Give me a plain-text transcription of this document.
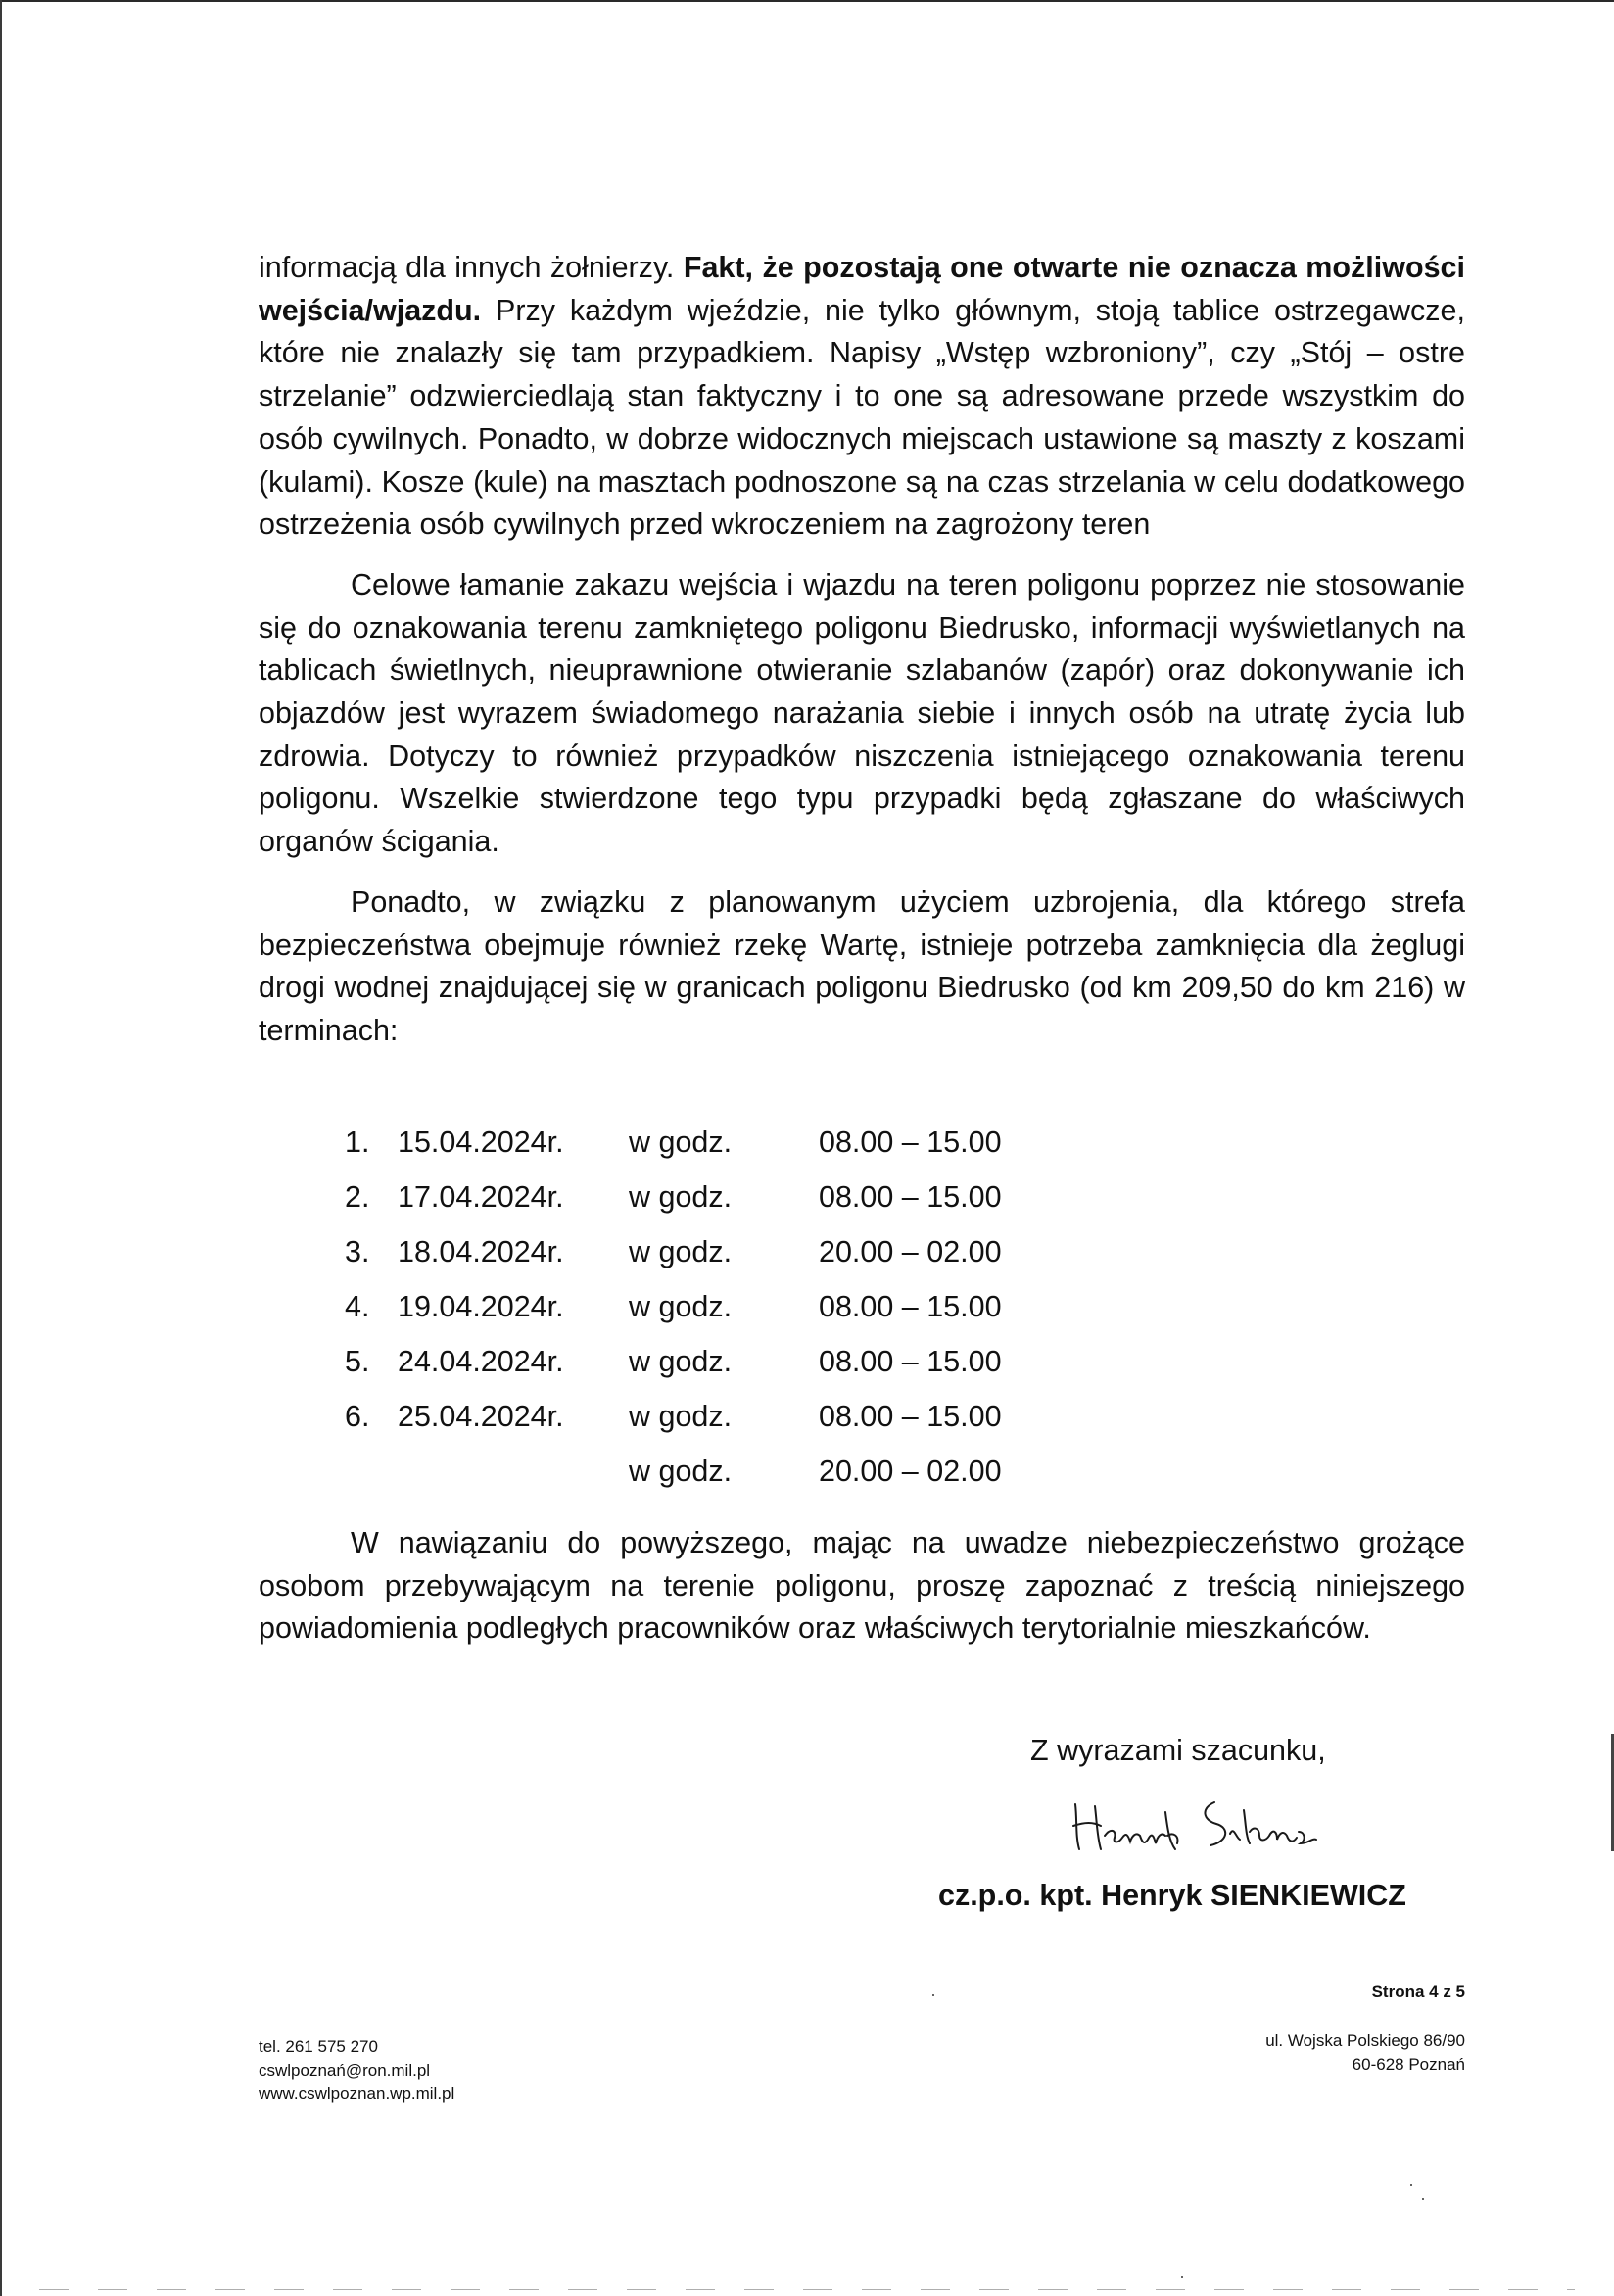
informacją dla innych żołnierzy. Fakt, że pozostają one otwarte nie oznacza możliwości wejścia/wjazdu. Przy każdym wjeździe, nie tylko głównym, stoją tablice ostrzegawcze, które nie znalazły się tam przypadkiem. Napisy „Wstęp wzbroniony”, czy „Stój – ostre strzelanie” odzwierciedlają stan faktyczny i to one są adresowane przede wszystkim do osób cywilnych. Ponadto, w dobrze widocznych miejscach ustawione są maszty z koszami (kulami). Kosze (kule) na masztach podnoszone są na czas strzelania w celu dodatkowego ostrzeżenia osób cywilnych przed wkroczeniem na zagrożony teren

Celowe łamanie zakazu wejścia i wjazdu na teren poligonu poprzez nie stosowanie się do oznakowania terenu zamkniętego poligonu Biedrusko, informacji wyświetlanych na tablicach świetlnych, nieuprawnione otwieranie szlabanów (zapór) oraz dokonywanie ich objazdów jest wyrazem świadomego narażania siebie i innych osób na utratę życia lub zdrowia. Dotyczy to również przypadków niszczenia istniejącego oznakowania terenu poligonu. Wszelkie stwierdzone tego typu przypadki będą zgłaszane do właściwych organów ścigania.

Ponadto, w związku z planowanym użyciem uzbrojenia, dla którego strefa bezpieczeństwa obejmuje również rzekę Wartę, istnieje potrzeba zamknięcia dla żeglugi drogi wodnej znajdującej się w granicach poligonu Biedrusko (od km 209,50 do km 216) w terminach:

1. 15.04.2024r.	w godz.	08.00 – 15.00
2. 17.04.2024r.	w godz.	08.00 – 15.00
3. 18.04.2024r.	w godz.	20.00 – 02.00
4. 19.04.2024r.	w godz.	08.00 – 15.00
5. 24.04.2024r.	w godz.	08.00 – 15.00
6. 25.04.2024r.	w godz.	08.00 – 15.00
w godz.	20.00 – 02.00

W nawiązaniu do powyższego, mając na uwadze niebezpieczeństwo grożące osobom przebywającym na terenie poligonu, proszę zapoznać z treścią niniejszego powiadomienia podległych pracowników oraz właściwych terytorialnie mieszkańców.

Z wyrazami szacunku,
cz.p.o. kpt. Henryk SIENKIEWICZ
Strona 4 z 5
tel. 261 575 270
cswlpoznań@ron.mil.pl
www.cswlpoznan.wp.mil.pl
ul. Wojska Polskiego 86/90
60-628 Poznań
